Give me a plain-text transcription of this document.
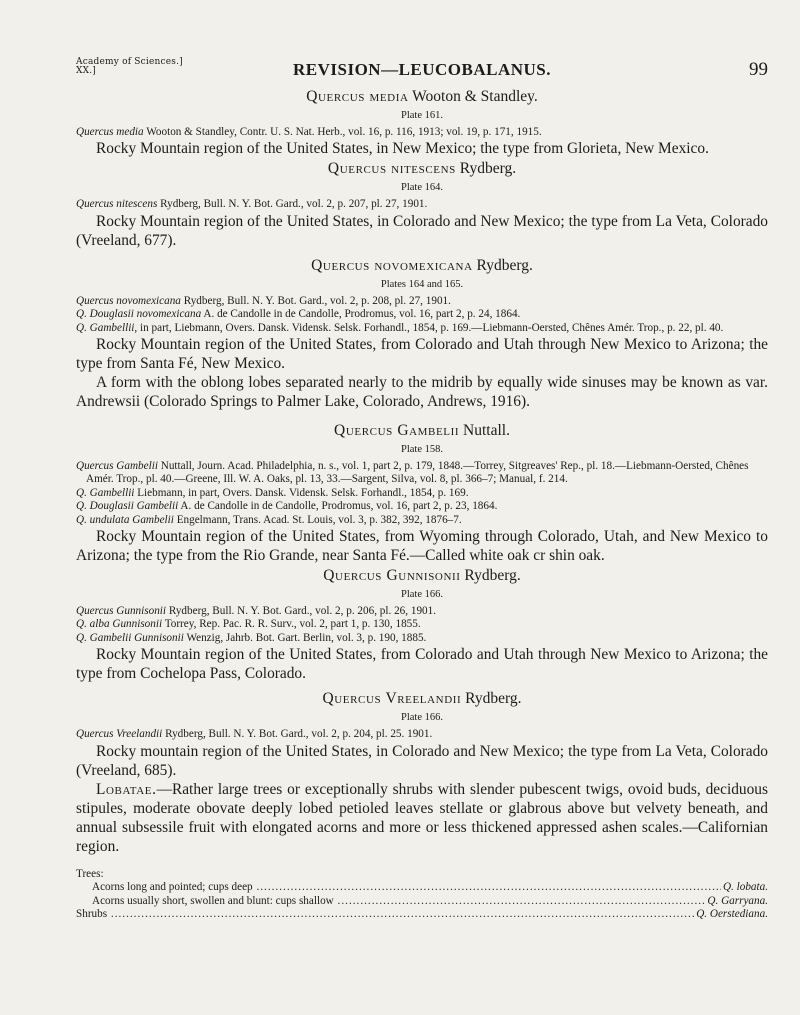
Academy of Sciences.]
XX.]	REVISION—LEUCOBALANUS.	99
Quercus media Wooton & Standley.
Plate 161.

Quercus media Wooton & Standley, Contr. U. S. Nat. Herb., vol. 16, p. 116, 1913; vol. 19, p. 171, 1915.

Rocky Mountain region of the United States, in New Mexico; the type from Glorieta, New Mexico.

Quercus nitescens Rydberg.
Plate 164.

Quercus nitescens Rydberg, Bull. N. Y. Bot. Gard., vol. 2, p. 207, pl. 27, 1901.

Rocky Mountain region of the United States, in Colorado and New Mexico; the type from La Veta, Colorado (Vreeland, 677).

Quercus novomexicana Rydberg.
Plates 164 and 165.

Quercus novomexicana Rydberg, Bull. N. Y. Bot. Gard., vol. 2, p. 208, pl. 27, 1901.

Q. Douglasii novomexicana A. de Candolle in de Candolle, Prodromus, vol. 16, part 2, p. 24, 1864.

Q. Gambellii, in part, Liebmann, Overs. Dansk. Vidensk. Selsk. Forhandl., 1854, p. 169.—Liebmann-Oersted, Chênes Amér. Trop., p. 22, pl. 40.

Rocky Mountain region of the United States, from Colorado and Utah through New Mexico to Arizona; the type from Santa Fé, New Mexico.

A form with the oblong lobes separated nearly to the midrib by equally wide sinuses may be known as var. Andrewsii (Colorado Springs to Palmer Lake, Colorado, Andrews, 1916).

Quercus Gambelii Nuttall.
Plate 158.

Quercus Gambelii Nuttall, Journ. Acad. Philadelphia, n. s., vol. 1, part 2, p. 179, 1848.—Torrey, Sitgreaves' Rep., pl. 18.—Liebmann-Oersted, Chênes Amér. Trop., pl. 40.—Greene, Ill. W. A. Oaks, pl. 13, 33.—Sargent, Silva, vol. 8, pl. 366–7; Manual, f. 214.

Q. Gambellii Liebmann, in part, Overs. Dansk. Vidensk. Selsk. Forhandl., 1854, p. 169.

Q. Douglasii Gambelii A. de Candolle in de Candolle, Prodromus, vol. 16, part 2, p. 23, 1864.

Q. undulata Gambelii Engelmann, Trans. Acad. St. Louis, vol. 3, p. 382, 392, 1876–7.

Rocky Mountain region of the United States, from Wyoming through Colorado, Utah, and New Mexico to Arizona; the type from the Rio Grande, near Santa Fé.—Called white oak cr shin oak.

Quercus Gunnisonii Rydberg.
Plate 166.

Quercus Gunnisonii Rydberg, Bull. N. Y. Bot. Gard., vol. 2, p. 206, pl. 26, 1901.

Q. alba Gunnisonii Torrey, Rep. Pac. R. R. Surv., vol. 2, part 1, p. 130, 1855.

Q. Gambelii Gunnisonii Wenzig, Jahrb. Bot. Gart. Berlin, vol. 3, p. 190, 1885.

Rocky Mountain region of the United States, from Colorado and Utah through New Mexico to Arizona; the type from Cochelopa Pass, Colorado.

Quercus Vreelandii Rydberg.
Plate 166.

Quercus Vreelandii Rydberg, Bull. N. Y. Bot. Gard., vol. 2, p. 204, pl. 25. 1901.

Rocky mountain region of the United States, in Colorado and New Mexico; the type from La Veta, Colorado (Vreeland, 685).

Lobatae.—Rather large trees or exceptionally shrubs with slender pubescent twigs, ovoid buds, deciduous stipules, moderate obovate deeply lobed petioled leaves stellate or glabrous above but velvety beneath, and annual subsessile fruit with elongated acorns and more or less thickened appressed ashen scales.—Californian region.

Trees:
Acorns long and pointed; cups deep .....	Q. lobata.
Acorns usually short, swollen and blunt: cups shallow .....	Q. Garryana.
Shrubs .....	Q. Oerstediana.
